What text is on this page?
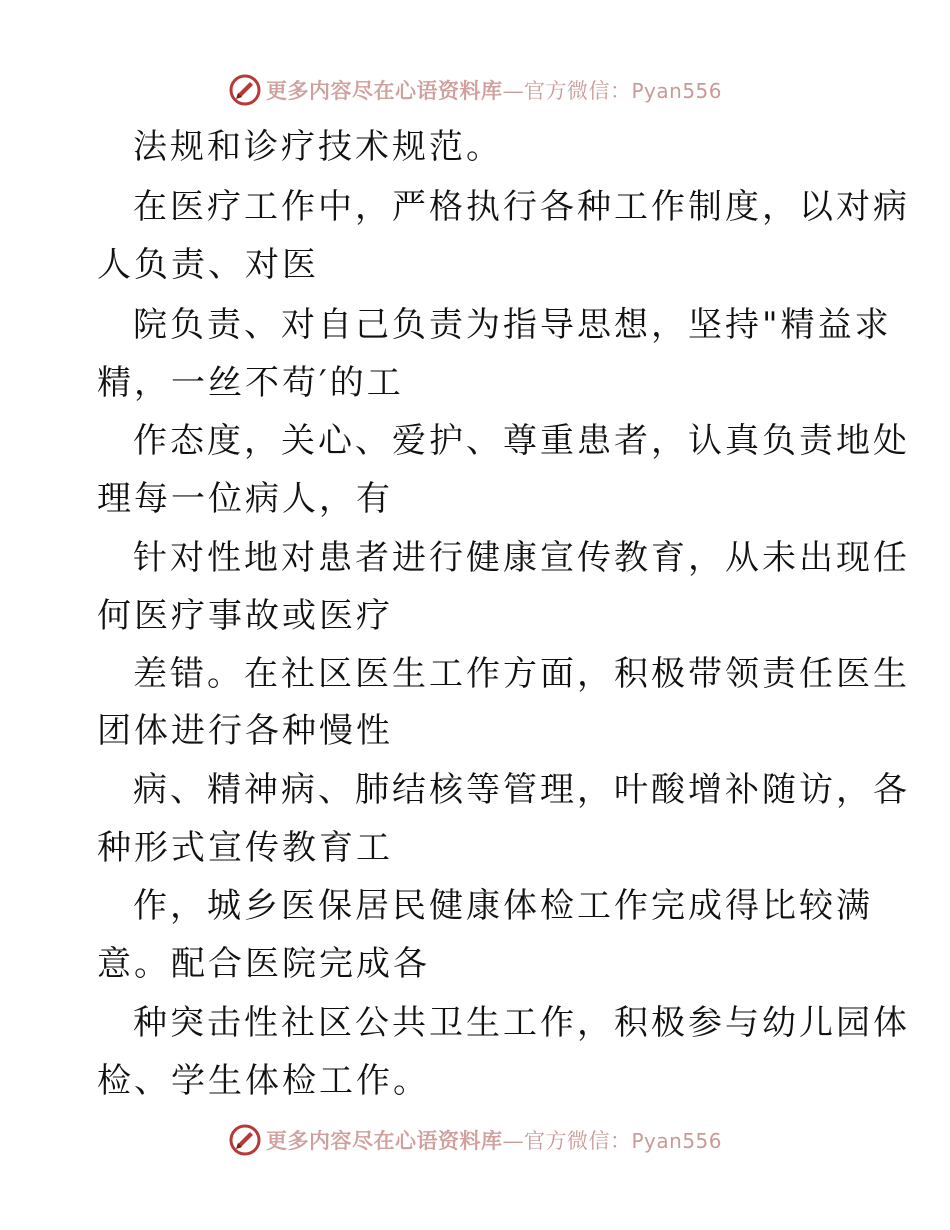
更多内容尽在心语资料库—官方微信：Pyan556
法规和诊疗技术规范。
在医疗工作中，严格执行各种工作制度，以对病
人负责、对医
院负责、对自己负责为指导思想，坚持"精益求
精，一丝不苟′的工
作态度，关心、爱护、尊重患者，认真负责地处
理每一位病人，有
针对性地对患者进行健康宣传教育，从未出现任
何医疗事故或医疗
差错。在社区医生工作方面，积极带领责任医生
团体进行各种慢性
病、精神病、肺结核等管理，叶酸增补随访，各
种形式宣传教育工
作，城乡医保居民健康体检工作完成得比较满
意。配合医院完成各
种突击性社区公共卫生工作，积极参与幼儿园体
检、学生体检工作。
更多内容尽在心语资料库—官方微信：Pyan556
